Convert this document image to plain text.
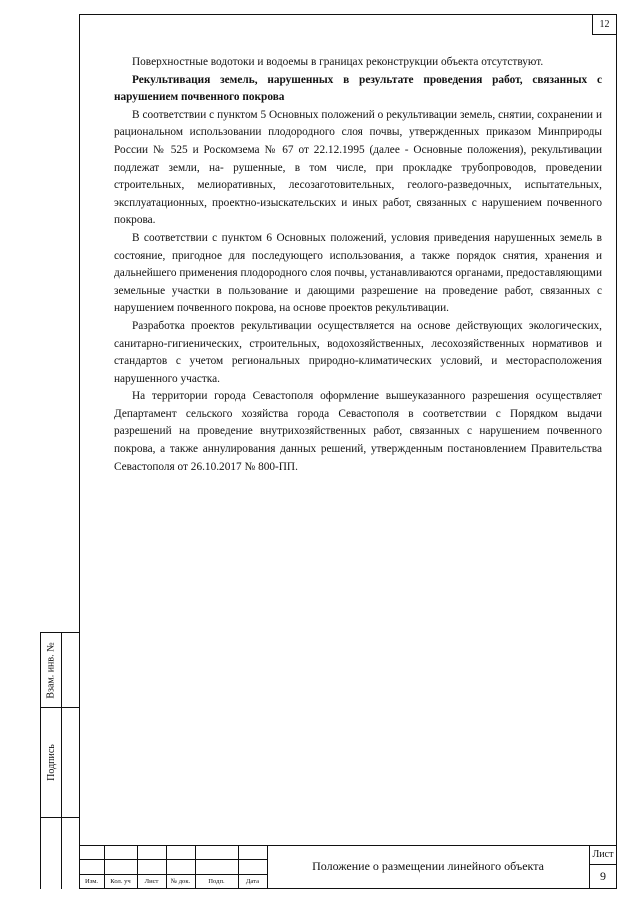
12

Поверхностные водотоки и водоемы в границах реконструкции объекта отсутствуют.

Рекультивация земель, нарушенных в результате проведения работ, связанных с нарушением почвенного покрова

В соответствии с пунктом 5 Основных положений о рекультивации земель, снятии, сохранении и рациональном использовании плодородного слоя почвы, утвержденных приказом Минприроды России № 525 и Роскомзема № 67 от 22.12.1995 (далее - Основные положения), рекультивации подлежат земли, на- рушенные, в том числе, при прокладке трубопроводов, проведении строительных, мелиоративных, лесозаготовительных, геолого-разведочных, испытательных, эксплуатационных, проектно-изыскательских и иных работ, связанных с нарушением почвенного покрова.

В соответствии с пунктом 6 Основных положений, условия приведения нарушенных земель в состояние, пригодное для последующего использования, а также порядок снятия, хранения и дальнейшего применения плодородного слоя почвы, устанавливаются органами, предоставляющими земельные участки в пользование и дающими разрешение на проведение работ, связанных с нарушением почвенного покрова, на основе проектов рекультивации.

Разработка проектов рекультивации осуществляется на основе действующих экологических, санитарно-гигиенических, строительных, водохозяйственных, лесохозяйственных нормативов и стандартов с учетом региональных природно-климатических условий, и месторасположения нарушенного участка.

На территории города Севастополя оформление вышеуказанного разрешения осуществляет Департамент сельского хозяйства города Севастополя в соответствии с Порядком выдачи разрешений на проведение внутрихозяйственных работ, связанных с нарушением почвенного покрова, а также аннулирования данных решений, утвержденным постановлением Правительства Севастополя от 26.10.2017 № 800-ПП.

Взам. инв. №
Подпись
Изм.	Кол. уч	Лист	№ док.	Подп.	Дата
Положение о размещении линейного объекта
Лист
9
